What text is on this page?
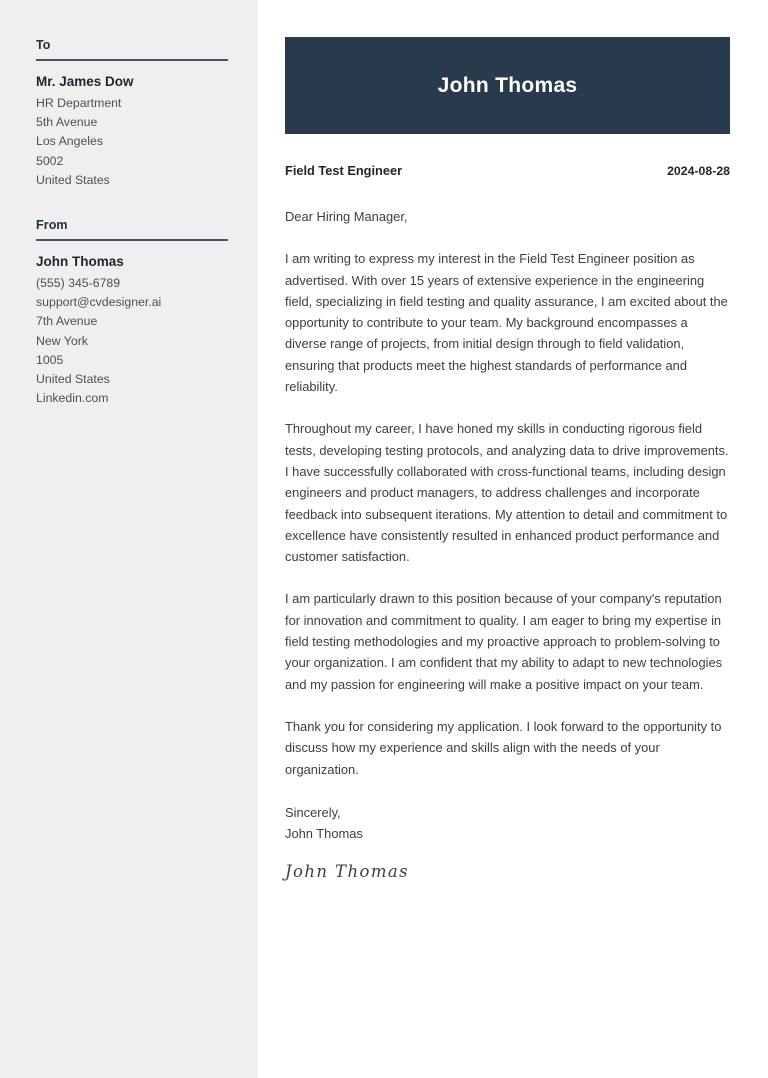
To
Mr. James Dow
HR Department
5th Avenue
Los Angeles
5002
United States
From
John Thomas
(555) 345-6789
support@cvdesigner.ai
7th Avenue
New York
1005
United States
Linkedin.com
John Thomas
Field Test Engineer	2024-08-28
Dear Hiring Manager,

I am writing to express my interest in the Field Test Engineer position as advertised. With over 15 years of extensive experience in the engineering field, specializing in field testing and quality assurance, I am excited about the opportunity to contribute to your team. My background encompasses a diverse range of projects, from initial design through to field validation, ensuring that products meet the highest standards of performance and reliability.

Throughout my career, I have honed my skills in conducting rigorous field tests, developing testing protocols, and analyzing data to drive improvements. I have successfully collaborated with cross-functional teams, including design engineers and product managers, to address challenges and incorporate feedback into subsequent iterations. My attention to detail and commitment to excellence have consistently resulted in enhanced product performance and customer satisfaction.

I am particularly drawn to this position because of your company's reputation for innovation and commitment to quality. I am eager to bring my expertise in field testing methodologies and my proactive approach to problem-solving to your organization. I am confident that my ability to adapt to new technologies and my passion for engineering will make a positive impact on your team.

Thank you for considering my application. I look forward to the opportunity to discuss how my experience and skills align with the needs of your organization.

Sincerely,
John Thomas
John Thomas
